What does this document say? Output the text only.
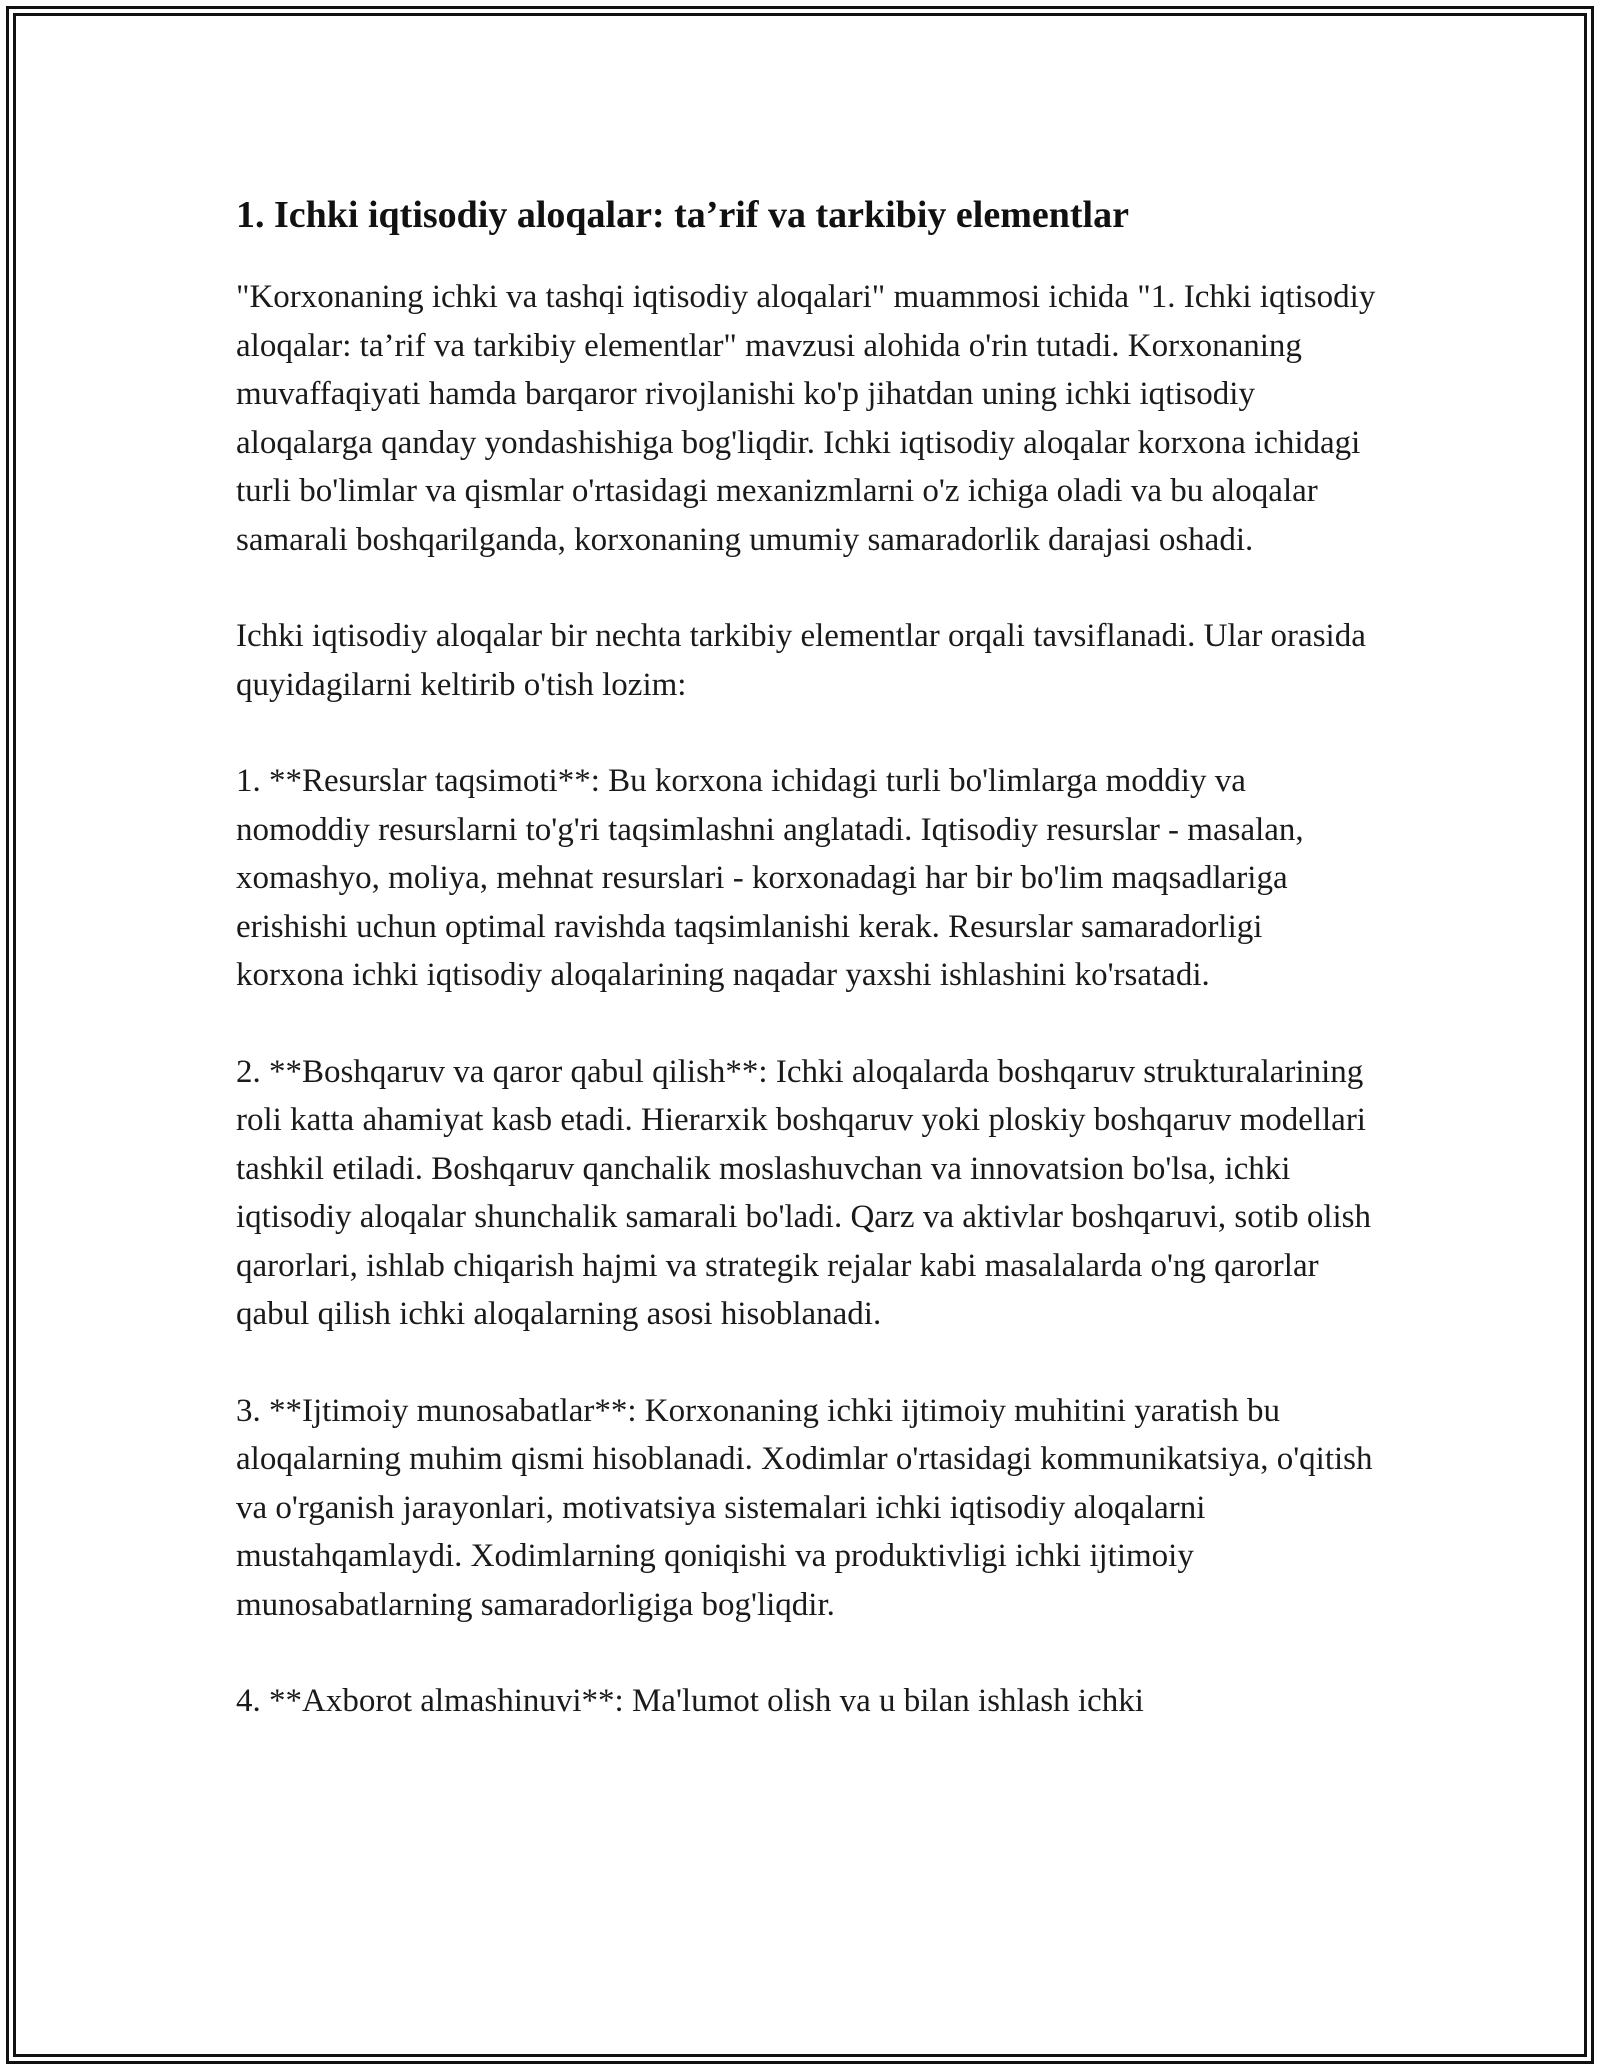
1. Ichki iqtisodiy aloqalar: ta’rif va tarkibiy elementlar

"Korxonaning ichki va tashqi iqtisodiy aloqalari" muammosi ichida "1. Ichki iqtisodiy aloqalar: ta’rif va tarkibiy elementlar" mavzusi alohida o'rin tutadi. Korxonaning muvaffaqiyati hamda barqaror rivojlanishi ko'p jihatdan uning ichki iqtisodiy aloqalarga qanday yondashishiga bog'liqdir. Ichki iqtisodiy aloqalar korxona ichidagi turli bo'limlar va qismlar o'rtasidagi mexanizmlarni o'z ichiga oladi va bu aloqalar samarali boshqarilganda, korxonaning umumiy samaradorlik darajasi oshadi.

Ichki iqtisodiy aloqalar bir nechta tarkibiy elementlar orqali tavsiflanadi. Ular orasida quyidagilarni keltirib o'tish lozim:

1. **Resurslar taqsimoti**: Bu korxona ichidagi turli bo'limlarga moddiy va nomoddiy resurslarni to'g'ri taqsimlashni anglatadi. Iqtisodiy resurslar - masalan, xomashyo, moliya, mehnat resurslari - korxonadagi har bir bo'lim maqsadlariga erishishi uchun optimal ravishda taqsimlanishi kerak. Resurslar samaradorligi korxona ichki iqtisodiy aloqalarining naqadar yaxshi ishlashini ko'rsatadi.

2. **Boshqaruv va qaror qabul qilish**: Ichki aloqalarda boshqaruv strukturalarining roli katta ahamiyat kasb etadi. Hierarxik boshqaruv yoki ploskiy boshqaruv modellari tashkil etiladi. Boshqaruv qanchalik moslashuvchan va innovatsion bo'lsa, ichki iqtisodiy aloqalar shunchalik samarali bo'ladi. Qarz va aktivlar boshqaruvi, sotib olish qarorlari, ishlab chiqarish hajmi va strategik rejalar kabi masalalarda o'ng qarorlar qabul qilish ichki aloqalarning asosi hisoblanadi.

3. **Ijtimoiy munosabatlar**: Korxonaning ichki ijtimoiy muhitini yaratish bu aloqalarning muhim qismi hisoblanadi. Xodimlar o'rtasidagi kommunikatsiya, o'qitish va o'rganish jarayonlari, motivatsiya sistemalari ichki iqtisodiy aloqalarni mustahqamlaydi. Xodimlarning qoniqishi va produktivligi ichki ijtimoiy munosabatlarning samaradorligiga bog'liqdir.

4. **Axborot almashinuvi**: Ma'lumot olish va u bilan ishlash ichki
